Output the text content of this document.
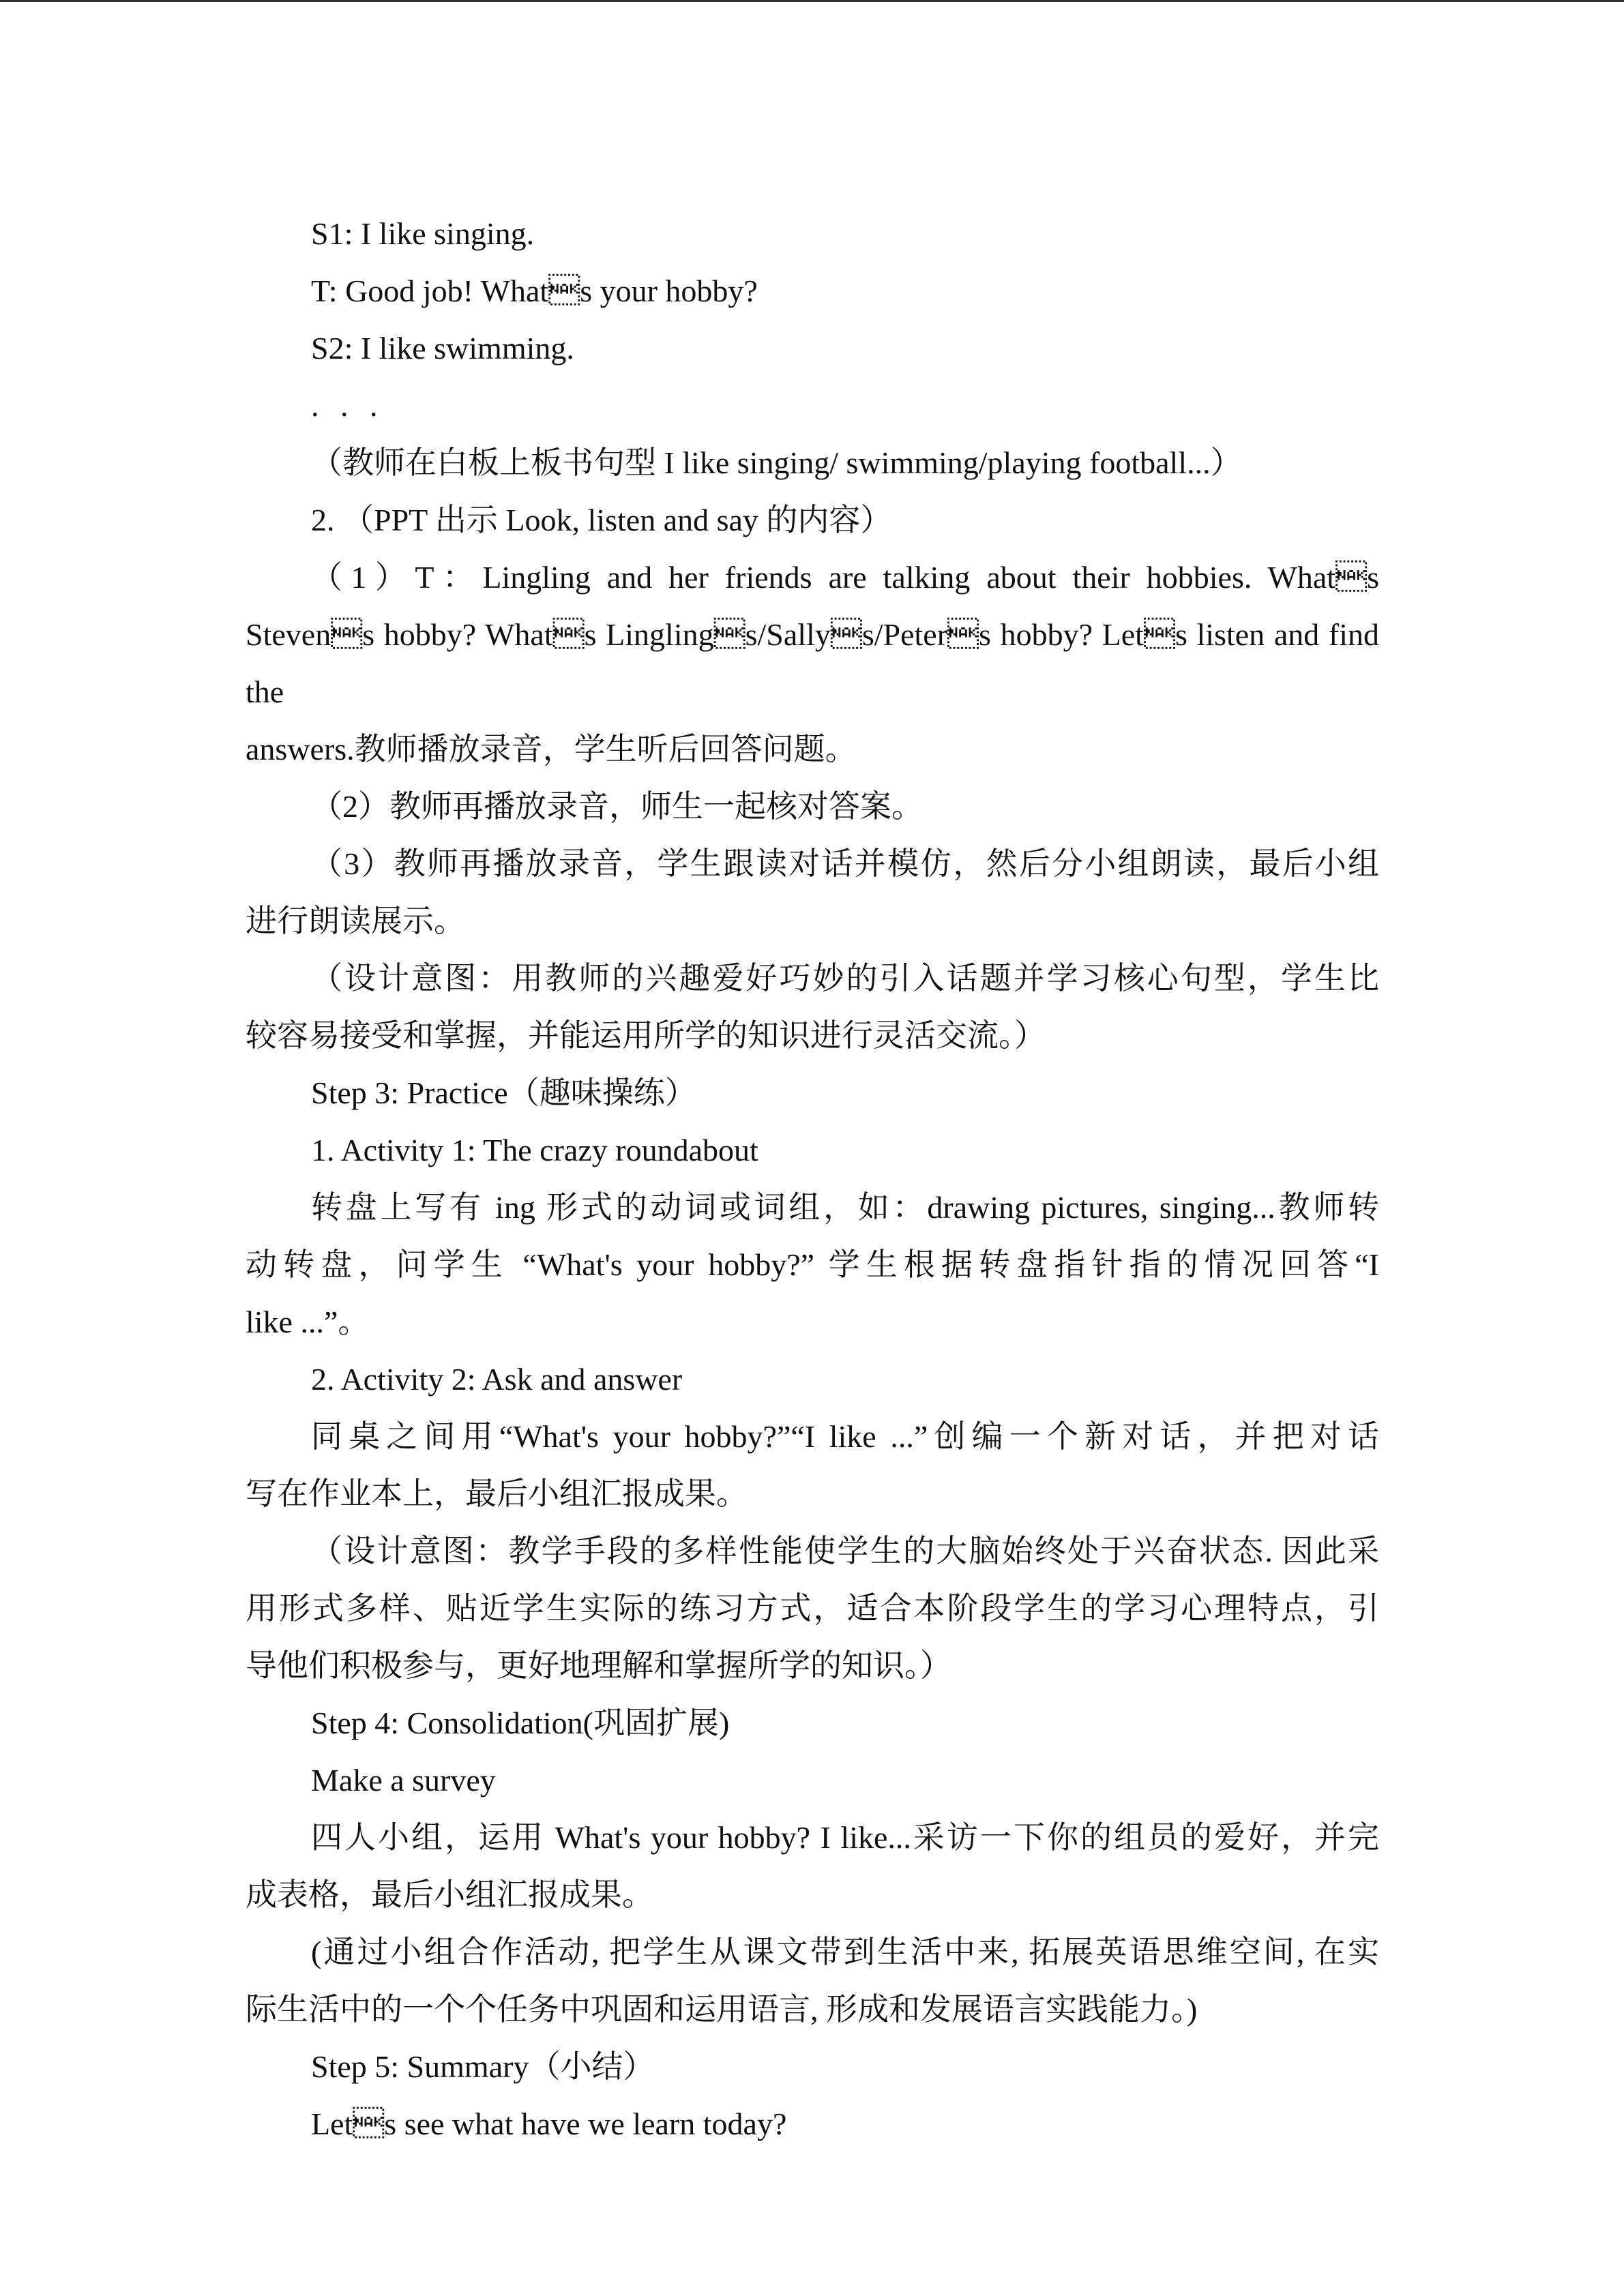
S1: I like singing.

T: Good job! Whats your hobby?

S2: I like swimming.

. . .

（教师在白板上板书句型 I like singing/ swimming/playing football...）

2. （PPT 出示 Look, listen and say 的内容）

（1）T：Lingling and her friends are talking about their hobbies. Whats

Stevens hobby? Whats Linglings/Sallys/Peters hobby? Lets listen and find the

answers.教师播放录音，学生听后回答问题。

（2）教师再播放录音，师生一起核对答案。

（3）教师再播放录音，学生跟读对话并模仿，然后分小组朗读，最后小组

进行朗读展示。

（设计意图：用教师的兴趣爱好巧妙的引入话题并学习核心句型，学生比

较容易接受和掌握，并能运用所学的知识进行灵活交流。）

Step 3: Practice（趣味操练）

1. Activity 1: The crazy roundabout

转盘上写有 ing 形式的动词或词组，如：drawing pictures, singing...教师转

动转盘，问学生 “What's your hobby?” 学生根据转盘指针指的情况回答“I

like ...”。

2. Activity 2: Ask and answer

同桌之间用“What's your hobby?”“I like ...”创编一个新对话，并把对话

写在作业本上，最后小组汇报成果。

（设计意图：教学手段的多样性能使学生的大脑始终处于兴奋状态. 因此采

用形式多样、贴近学生实际的练习方式，适合本阶段学生的学习心理特点，引

导他们积极参与，更好地理解和掌握所学的知识。）

Step 4: Consolidation(巩固扩展)

Make a survey

四人小组，运用 What's your hobby? I like...采访一下你的组员的爱好，并完

成表格，最后小组汇报成果。

(通过小组合作活动, 把学生从课文带到生活中来, 拓展英语思维空间, 在实

际生活中的一个个任务中巩固和运用语言, 形成和发展语言实践能力。)

Step 5: Summary（小结）

Lets see what have we learn today?
